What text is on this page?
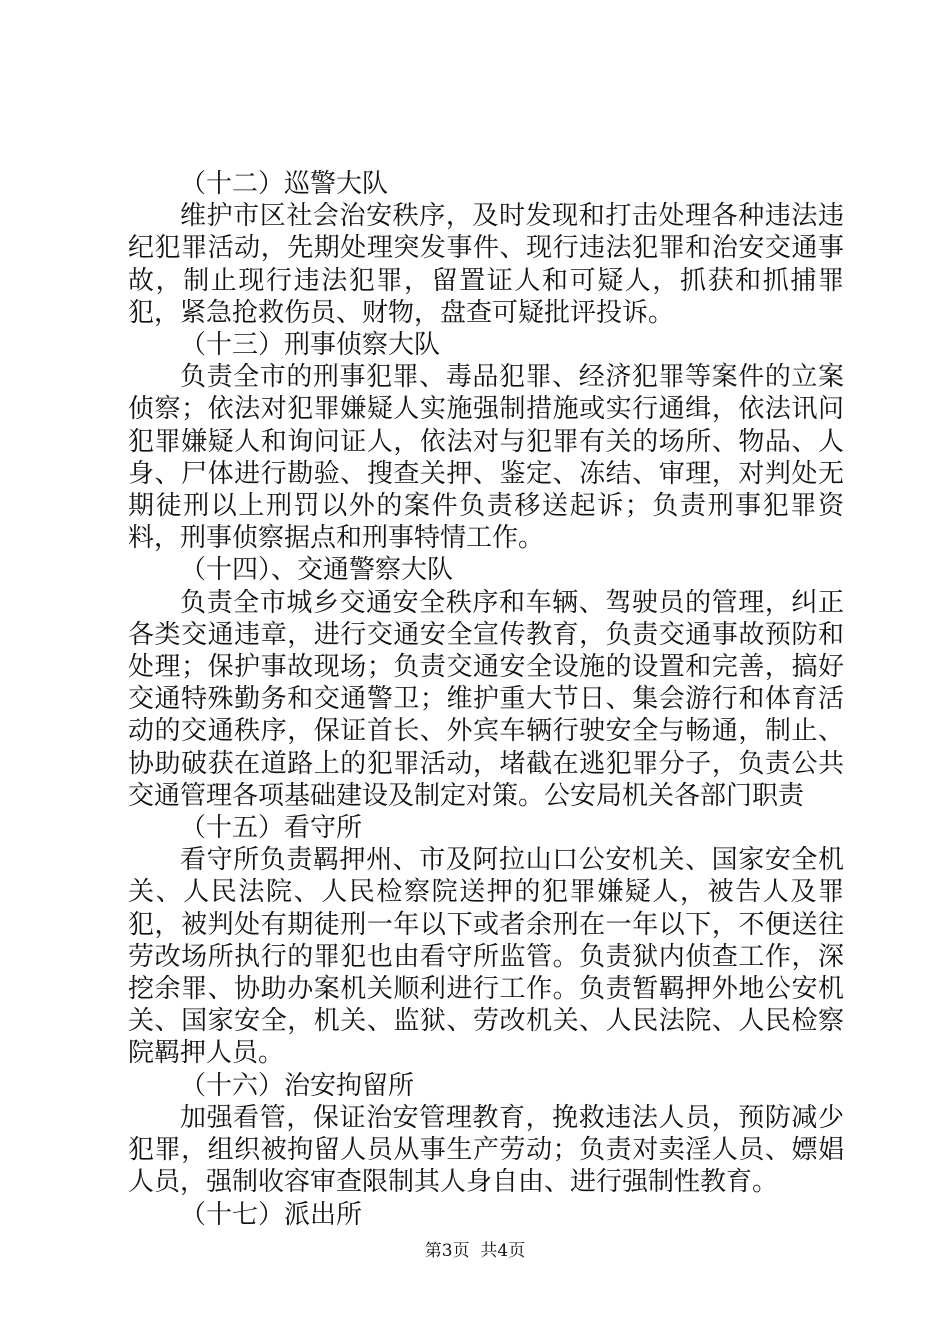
（十二）巡警大队

维护市区社会治安秩序，及时发现和打击处理各种违法违纪犯罪活动，先期处理突发事件、现行违法犯罪和治安交通事故，制止现行违法犯罪，留置证人和可疑人，抓获和抓捕罪犯，紧急抢救伤员、财物，盘查可疑批评投诉。

（十三）刑事侦察大队

负责全市的刑事犯罪、毒品犯罪、经济犯罪等案件的立案侦察；依法对犯罪嫌疑人实施强制措施或实行通缉，依法讯问犯罪嫌疑人和询问证人，依法对与犯罪有关的场所、物品、人身、尸体进行勘验、搜查关押、鉴定、冻结、审理，对判处无期徒刑以上刑罚以外的案件负责移送起诉；负责刑事犯罪资料，刑事侦察据点和刑事特情工作。

（十四）、交通警察大队

负责全市城乡交通安全秩序和车辆、驾驶员的管理，纠正各类交通违章，进行交通安全宣传教育，负责交通事故预防和处理；保护事故现场；负责交通安全设施的设置和完善，搞好交通特殊勤务和交通警卫；维护重大节日、集会游行和体育活动的交通秩序，保证首长、外宾车辆行驶安全与畅通，制止、协助破获在道路上的犯罪活动，堵截在逃犯罪分子，负责公共交通管理各项基础建设及制定对策。公安局机关各部门职责

（十五）看守所

看守所负责羁押州、市及阿拉山口公安机关、国家安全机关、人民法院、人民检察院送押的犯罪嫌疑人，被告人及罪犯，被判处有期徒刑一年以下或者余刑在一年以下，不便送往劳改场所执行的罪犯也由看守所监管。负责狱内侦查工作，深挖余罪、协助办案机关顺利进行工作。负责暂羁押外地公安机关、国家安全，机关、监狱、劳改机关、人民法院、人民检察院羁押人员。

（十六）治安拘留所

加强看管，保证治安管理教育，挽救违法人员，预防减少犯罪，组织被拘留人员从事生产劳动；负责对卖淫人员、嫖娼人员，强制收容审查限制其人身自由、进行强制性教育。

（十七）派出所

第3页  共4页
